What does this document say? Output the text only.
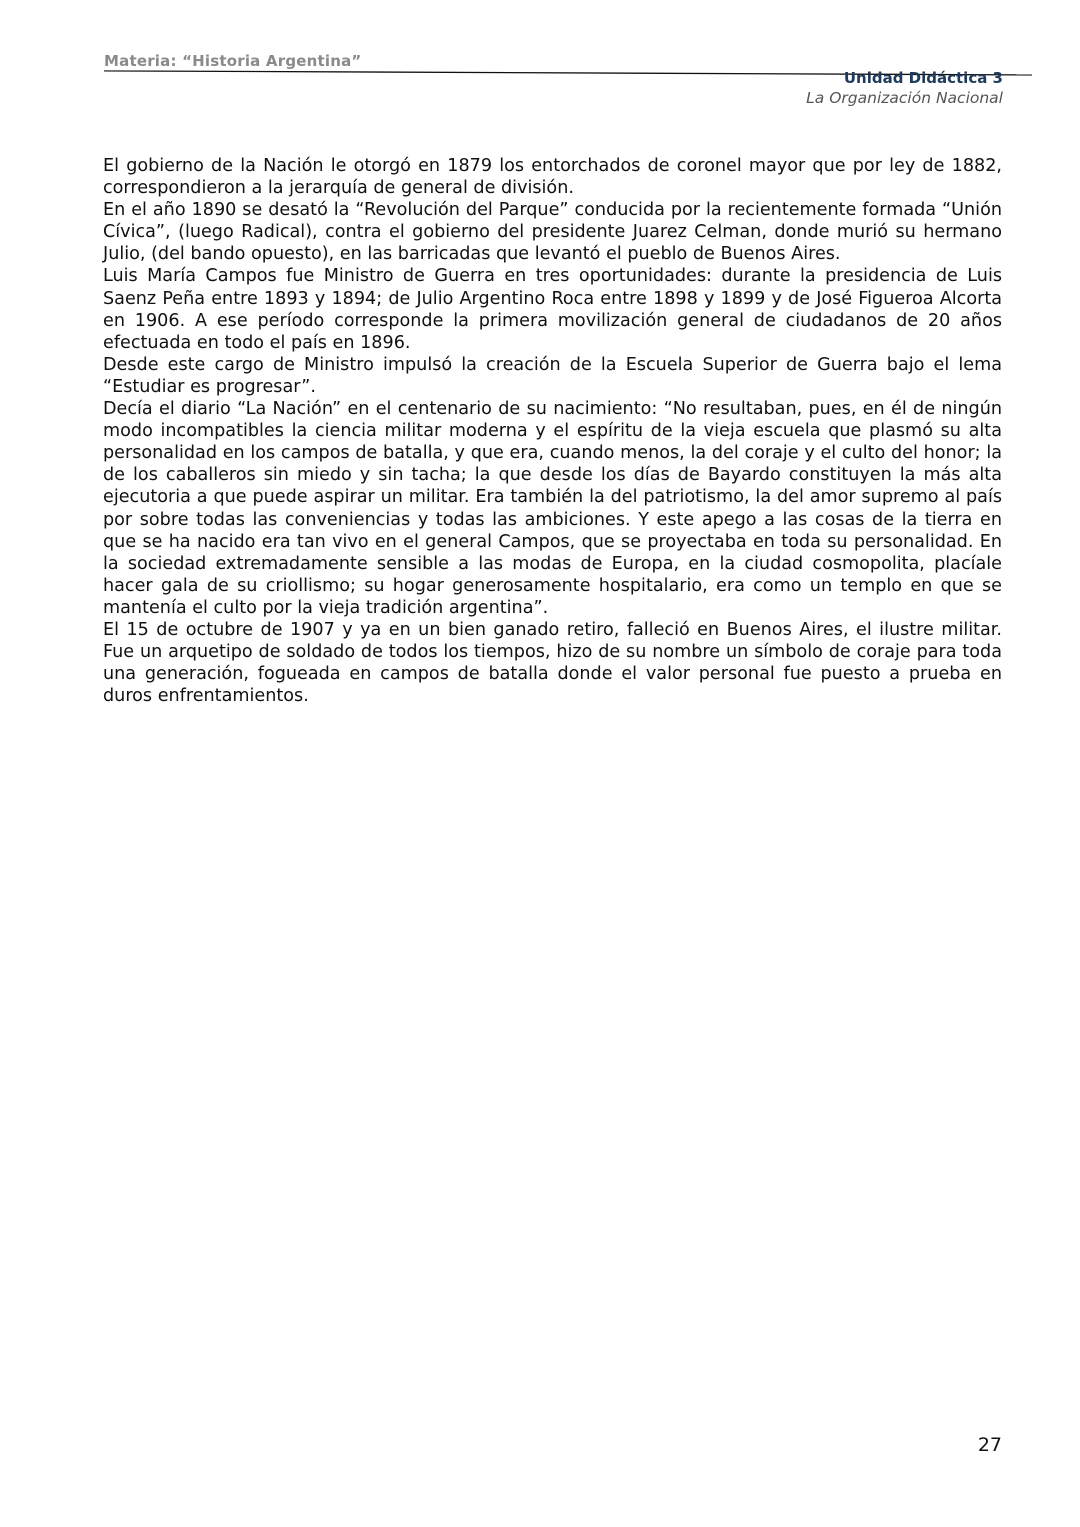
Materia: “Historia Argentina”
Unidad Didáctica 3
La Organización Nacional

El gobierno de la Nación le otorgó en 1879 los entorchados de coronel mayor que por ley de 1882, correspondieron a la jerarquía de general de división.

En el año 1890 se desató la “Revolución del Parque” conducida por la recientemente formada “Unión Cívica”, (luego Radical), contra el gobierno del presidente Juarez Celman, donde murió su hermano Julio, (del bando opuesto), en las barricadas que levantó el pueblo de Buenos Aires.

Luis María Campos fue Ministro de Guerra en tres oportunidades: durante la presidencia de Luis Saenz Peña entre 1893 y 1894; de Julio Argentino Roca entre 1898 y 1899 y de José Figueroa Alcorta en 1906. A ese período corresponde la primera movilización general de ciudadanos de 20 años efectuada en todo el país en 1896.

Desde este cargo de Ministro impulsó la creación de la Escuela Superior de Guerra bajo el lema “Estudiar es progresar”.

Decía el diario “La Nación” en el centenario de su nacimiento: “No resultaban, pues, en él de ningún modo incompatibles la ciencia militar moderna y el espíritu de la vieja escuela que plasmó su alta personalidad en los campos de batalla, y que era, cuando menos, la del coraje y el culto del honor; la de los caballeros sin miedo y sin tacha; la que desde los días de Bayardo constituyen la más alta ejecutoria a que puede aspirar un militar. Era también la del patriotismo, la del amor supremo al país por sobre todas las conveniencias y todas las ambiciones. Y este apego a las cosas de la tierra en que se ha nacido era tan vivo en el general Campos, que se proyectaba en toda su personalidad. En la sociedad extremadamente sensible a las modas de Europa, en la ciudad cosmopolita, placíale hacer gala de su criollismo; su hogar generosamente hospitalario, era como un templo en que se mantenía el culto por la vieja tradición argentina”.

El 15 de octubre de 1907 y ya en un bien ganado retiro, falleció en Buenos Aires, el ilustre militar. Fue un arquetipo de soldado de todos los tiempos, hizo de su nombre un símbolo de coraje para toda una generación, fogueada en campos de batalla donde el valor personal fue puesto a prueba en duros enfrentamientos.

27
